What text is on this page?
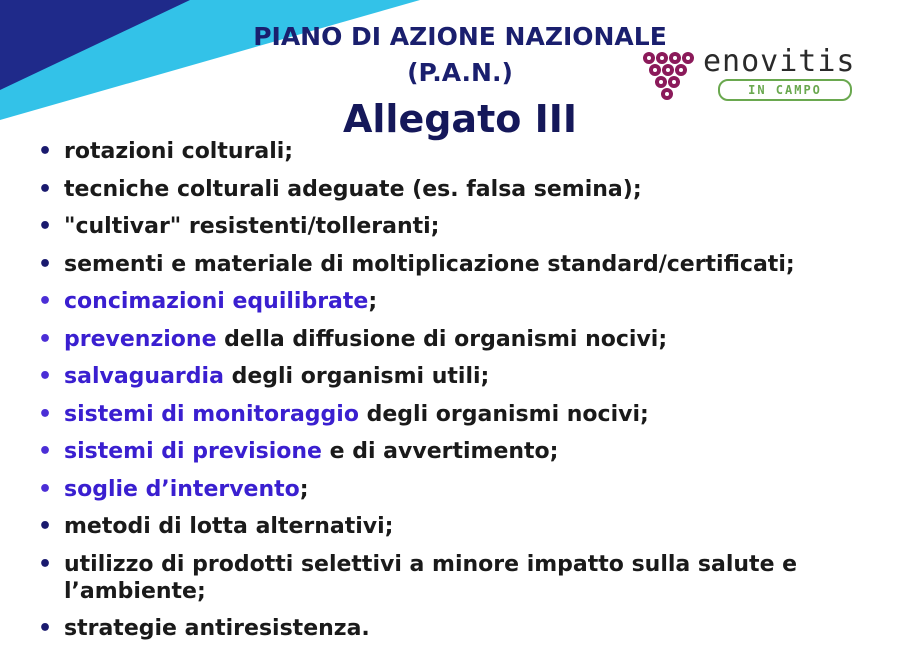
PIANO DI AZIONE NAZIONALE
(P.A.N.)
Allegato III
enovitis
IN CAMPO
• rotazioni colturali;
• tecniche colturali adeguate (es. falsa semina);
• "cultivar" resistenti/tolleranti;
• sementi e materiale di moltiplicazione standard/certificati;
• concimazioni equilibrate;
• prevenzione della diffusione di organismi nocivi;
• salvaguardia degli organismi utili;
• sistemi di monitoraggio degli organismi nocivi;
• sistemi di previsione e di avvertimento;
• soglie d’intervento;
• metodi di lotta alternativi;
• utilizzo di prodotti selettivi a minore impatto sulla salute e l’ambiente;
• strategie antiresistenza.
